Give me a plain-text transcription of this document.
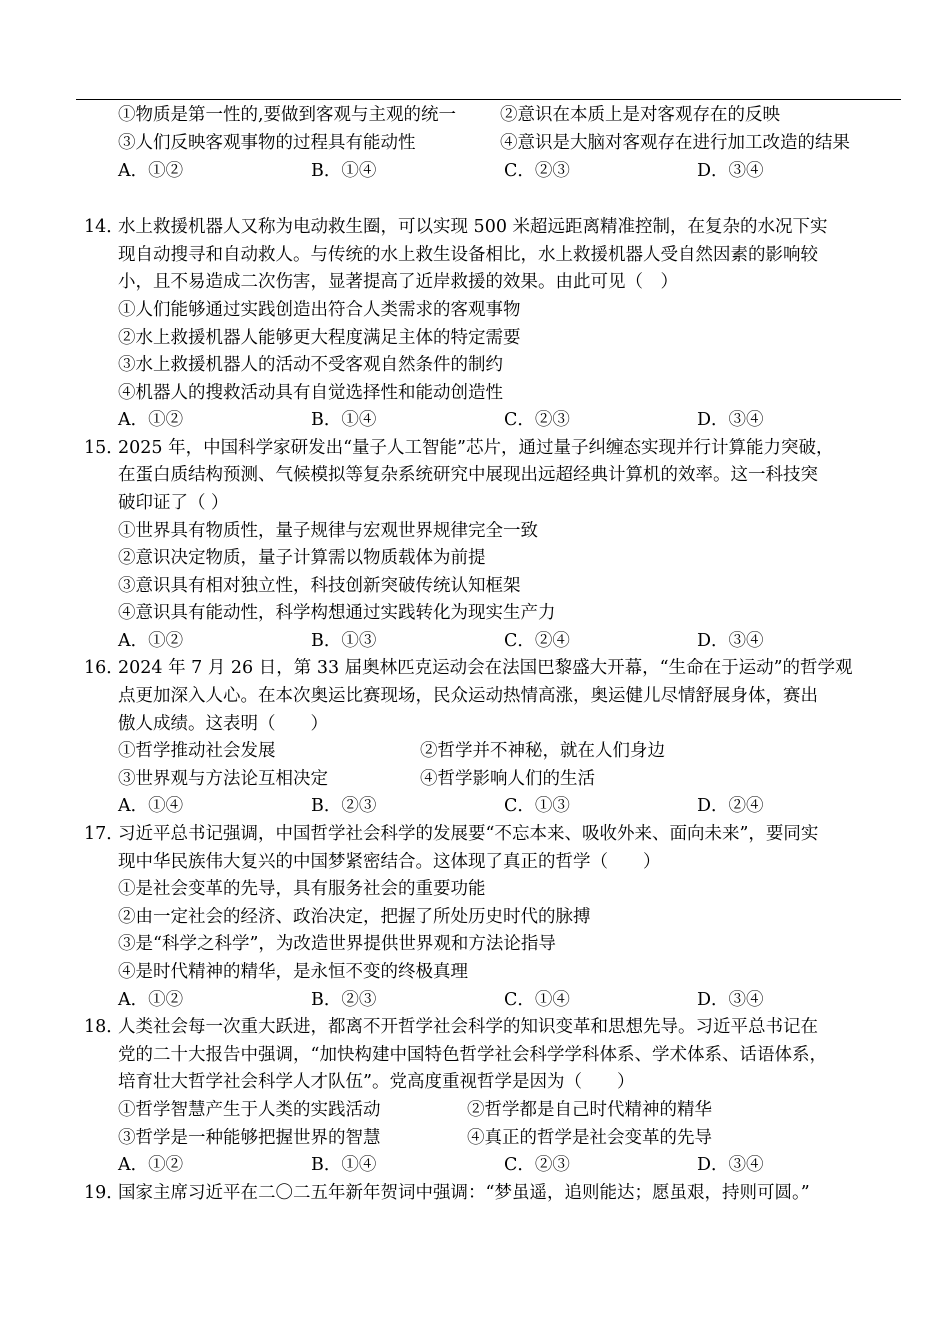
①物质是第一性的,要做到客观与主观的统一	②意识在本质上是对客观存在的反映
③人们反映客观事物的过程具有能动性	④意识是大脑对客观存在进行加工改造的结果
A．①②	B．①④	C．②③	D．③④
14．
水上救援机器人又称为电动救生圈，可以实现 500 米超远距离精准控制，在复杂的水况下实
现自动搜寻和自动救人。与传统的水上救生设备相比，水上救援机器人受自然因素的影响较
小，且不易造成二次伤害，显著提高了近岸救援的效果。由此可见（　）
①人们能够通过实践创造出符合人类需求的客观事物
②水上救援机器人能够更大程度满足主体的特定需要
③水上救援机器人的活动不受客观自然条件的制约
④机器人的搜救活动具有自觉选择性和能动创造性
A．①②	B．①④	C．②③	D．③④
15．
2025 年，中国科学家研发出“量子人工智能”芯片，通过量子纠缠态实现并行计算能力突破，
在蛋白质结构预测、气候模拟等复杂系统研究中展现出远超经典计算机的效率。这一科技突
破印证了（ ）
①世界具有物质性，量子规律与宏观世界规律完全一致
②意识决定物质，量子计算需以物质载体为前提
③意识具有相对独立性，科技创新突破传统认知框架
④意识具有能动性，科学构想通过实践转化为现实生产力
A．①②	B．①③	C．②④	D．③④
16．
2024 年 7 月 26 日，第 33 届奥林匹克运动会在法国巴黎盛大开幕，“生命在于运动”的哲学观
点更加深入人心。在本次奥运比赛现场，民众运动热情高涨，奥运健儿尽情舒展身体，赛出
傲人成绩。这表明（　　）
①哲学推动社会发展	②哲学并不神秘，就在人们身边
③世界观与方法论互相决定	④哲学影响人们的生活
A．①④	B．②③	C．①③	D．②④
17．
习近平总书记强调，中国哲学社会科学的发展要“不忘本来、吸收外来、面向未来”，要同实
现中华民族伟大复兴的中国梦紧密结合。这体现了真正的哲学（　　）
①是社会变革的先导，具有服务社会的重要功能
②由一定社会的经济、政治决定，把握了所处历史时代的脉搏
③是“科学之科学”，为改造世界提供世界观和方法论指导
④是时代精神的精华，是永恒不变的终极真理
A．①②	B．②③	C．①④	D．③④
18．
人类社会每一次重大跃进，都离不开哲学社会科学的知识变革和思想先导。习近平总书记在
党的二十大报告中强调，“加快构建中国特色哲学社会科学学科体系、学术体系、话语体系，
培育壮大哲学社会科学人才队伍”。党高度重视哲学是因为（　　）
①哲学智慧产生于人类的实践活动	②哲学都是自己时代精神的精华
③哲学是一种能够把握世界的智慧	④真正的哲学是社会变革的先导
A．①②	B．①④	C．②③	D．③④
19．
国家主席习近平在二〇二五年新年贺词中强调：“梦虽遥，追则能达；愿虽艰，持则可圆。”
